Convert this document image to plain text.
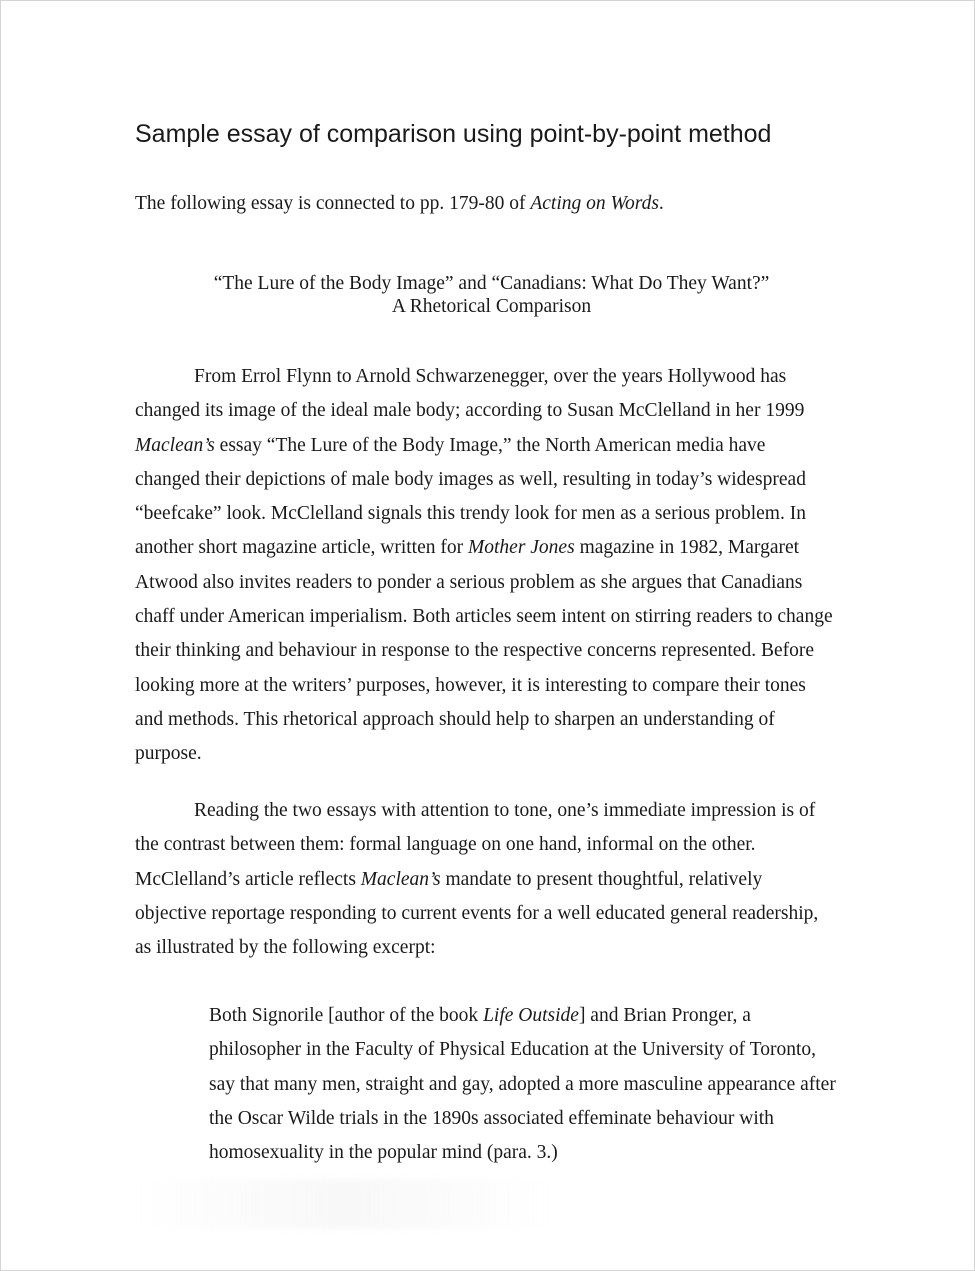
Sample essay of comparison using point-by-point method
The following essay is connected to pp. 179-80 of Acting on Words.
“The Lure of the Body Image” and “Canadians: What Do They Want?”
A Rhetorical Comparison
From Errol Flynn to Arnold Schwarzenegger, over the years Hollywood has
changed its image of the ideal male body; according to Susan McClelland in her 1999
Maclean’s essay “The Lure of the Body Image,” the North American media have
changed their depictions of male body images as well, resulting in today’s widespread
“beefcake” look. McClelland signals this trendy look for men as a serious problem. In
another short magazine article, written for Mother Jones magazine in 1982, Margaret
Atwood also invites readers to ponder a serious problem as she argues that Canadians
chaff under American imperialism. Both articles seem intent on stirring readers to change
their thinking and behaviour in response to the respective concerns represented. Before
looking more at the writers’ purposes, however, it is interesting to compare their tones
and methods. This rhetorical approach should help to sharpen an understanding of
purpose.
Reading the two essays with attention to tone, one’s immediate impression is of
the contrast between them: formal language on one hand, informal on the other.
McClelland’s article reflects Maclean’s mandate to present thoughtful, relatively
objective reportage responding to current events for a well educated general readership,
as illustrated by the following excerpt:
Both Signorile [author of the book Life Outside] and Brian Pronger, a
philosopher in the Faculty of Physical Education at the University of Toronto,
say that many men, straight and gay, adopted a more masculine appearance after
the Oscar Wilde trials in the 1890s associated effeminate behaviour with
homosexuality in the popular mind (para. 3.)
